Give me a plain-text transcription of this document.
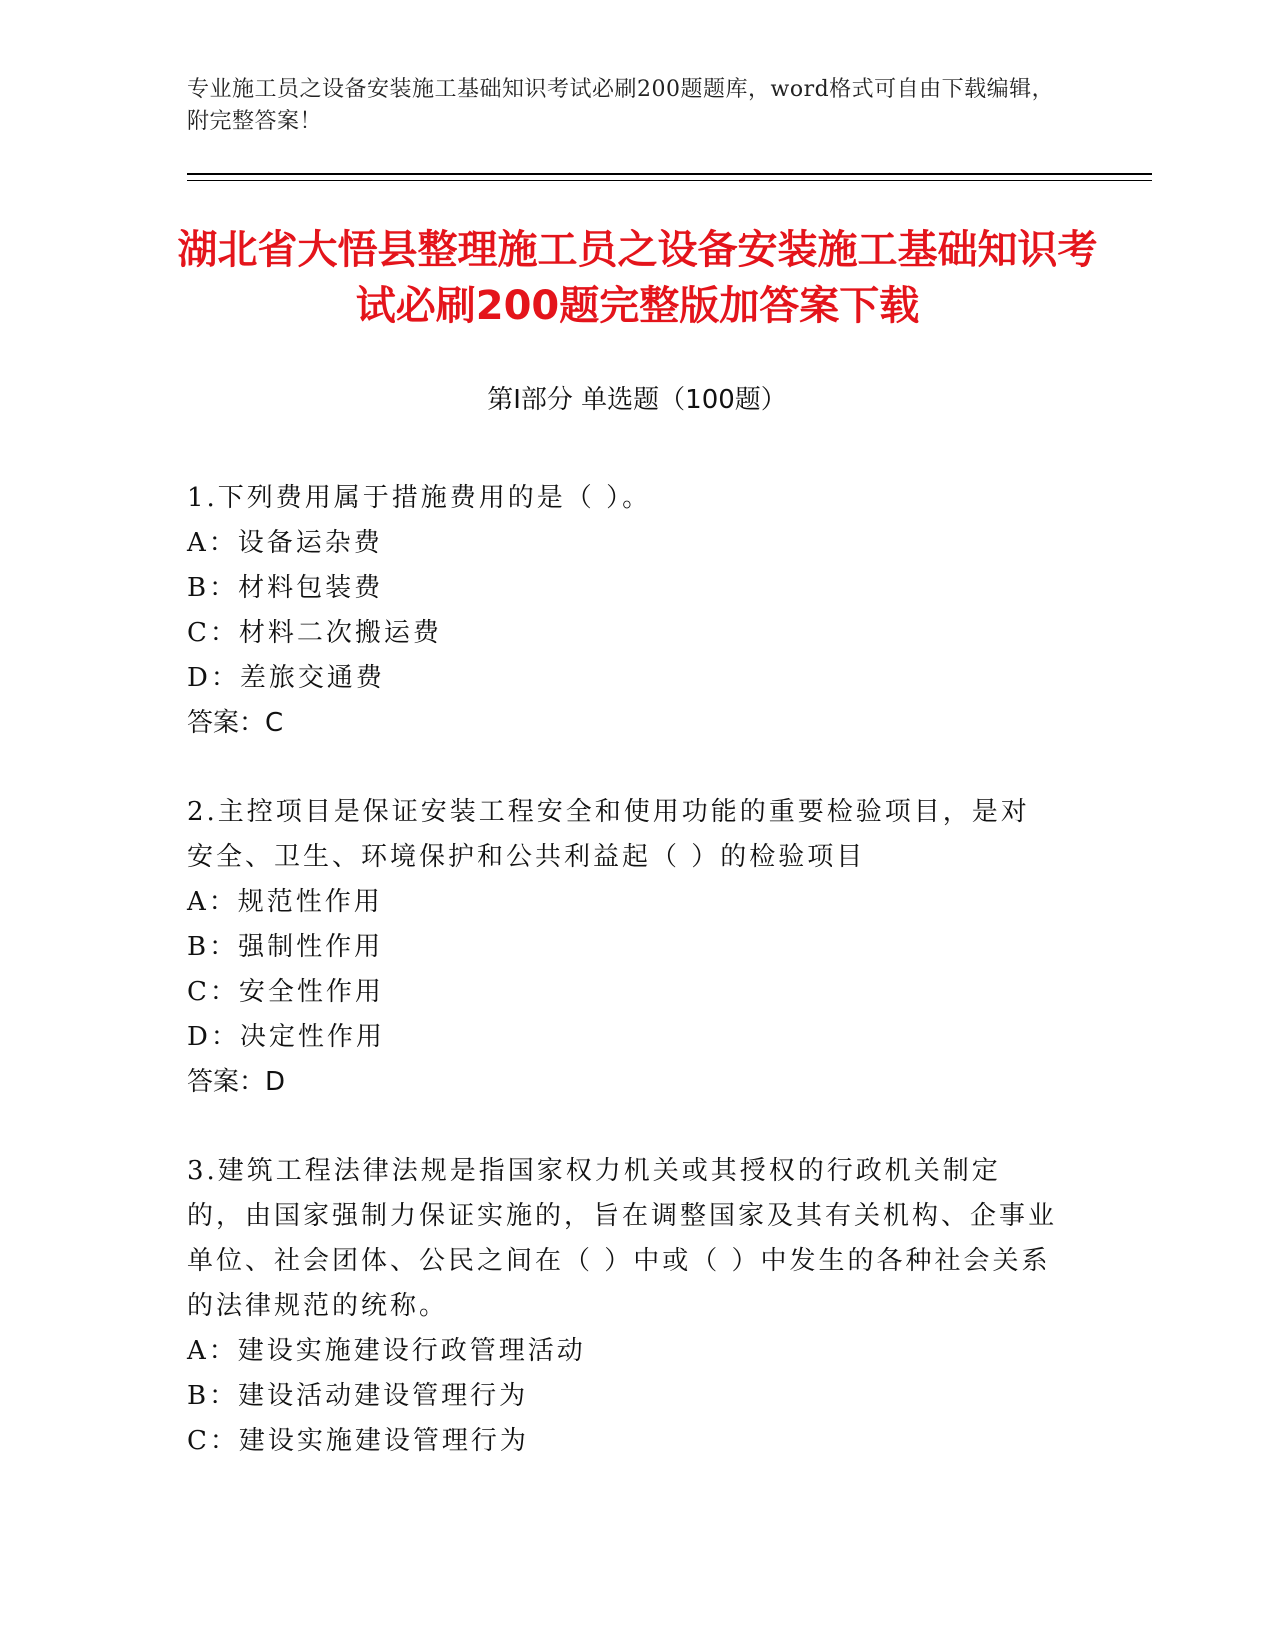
专业施工员之设备安装施工基础知识考试必刷200题题库，word格式可自由下载编辑，附完整答案！
湖北省大悟县整理施工员之设备安装施工基础知识考试必刷200题完整版加答案下载
第Ⅰ部分 单选题（100题）

1.下列费用属于措施费用的是（ ）。

A：设备运杂费

B：材料包装费

C：材料二次搬运费

D：差旅交通费

答案：C

2.主控项目是保证安装工程安全和使用功能的重要检验项目，是对安全、卫生、环境保护和公共利益起（ ）的检验项目

A：规范性作用

B：强制性作用

C：安全性作用

D：决定性作用

答案：D

3.建筑工程法律法规是指国家权力机关或其授权的行政机关制定的，由国家强制力保证实施的，旨在调整国家及其有关机构、企事业单位、社会团体、公民之间在（ ）中或（ ）中发生的各种社会关系的法律规范的统称。

A：建设实施建设行政管理活动

B：建设活动建设管理行为

C：建设实施建设管理行为
